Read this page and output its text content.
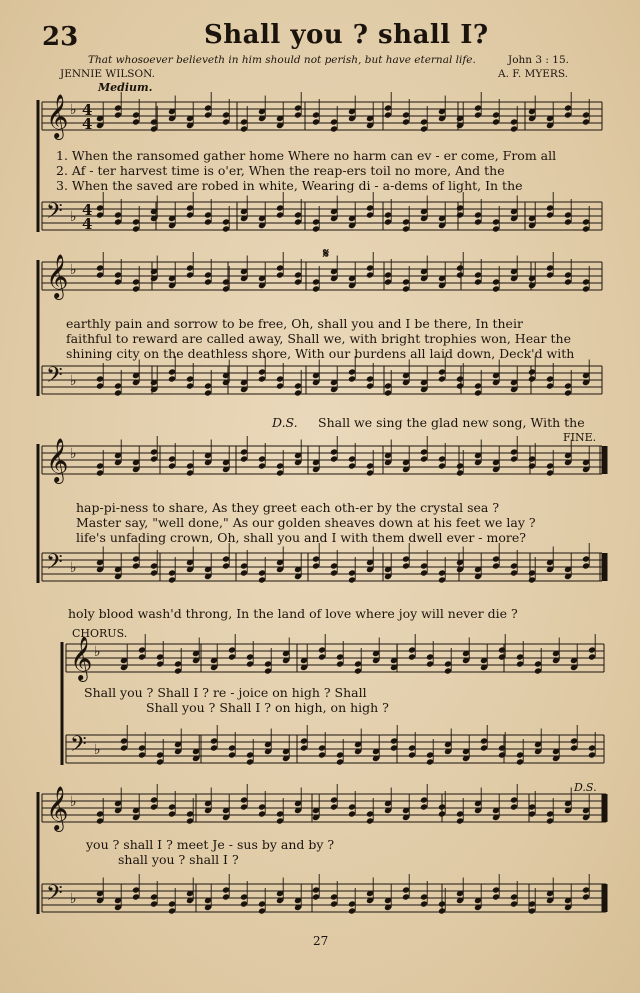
23	Shall you ? shall I?
That whosoever believeth in him should not perish, but have eternal life.	John 3 : 15.
JENNIE WILSON.	A. F. MYERS.
Medium.
𝄞
𝄢
♭
♭
4
4
4
4
𝄞
𝄢
♭
♭
𝄞
𝄢
♭
♭
𝄞
𝄢
♭
♭
𝄞
𝄢
♭
♭
𝄋
1. When the ransomed gather home Where no harm can ev - er come, From all
2. Af - ter harvest time is o'er, When the reap-ers toil no more, And the
3. When the saved are robed in white, Wearing di - a-dems of light, In the
earthly pain and sorrow to be free, Oh, shall you and I be there, In their
faithful to reward are called away, Shall we, with bright trophies won, Hear the
shining city on the deathless shore, With our burdens all laid down, Deck'd with
D.S. Shall we sing the glad new song, With the
FINE.
hap-pi-ness to share, As they greet each oth-er by the crystal sea ?
Master say, "well done," As our golden sheaves down at his feet we lay ?
life's unfading crown, Oh, shall you and I with them dwell ever - more?
holy blood wash'd throng, In the land of love where joy will never die ?
CHORUS.
Shall you ? Shall I ? re - joice on high ? Shall
Shall you ? Shall I ? on high, on high ?
you ? shall I ? meet Je - sus by and by ?
shall you ? shall I ?
D.S.
27
